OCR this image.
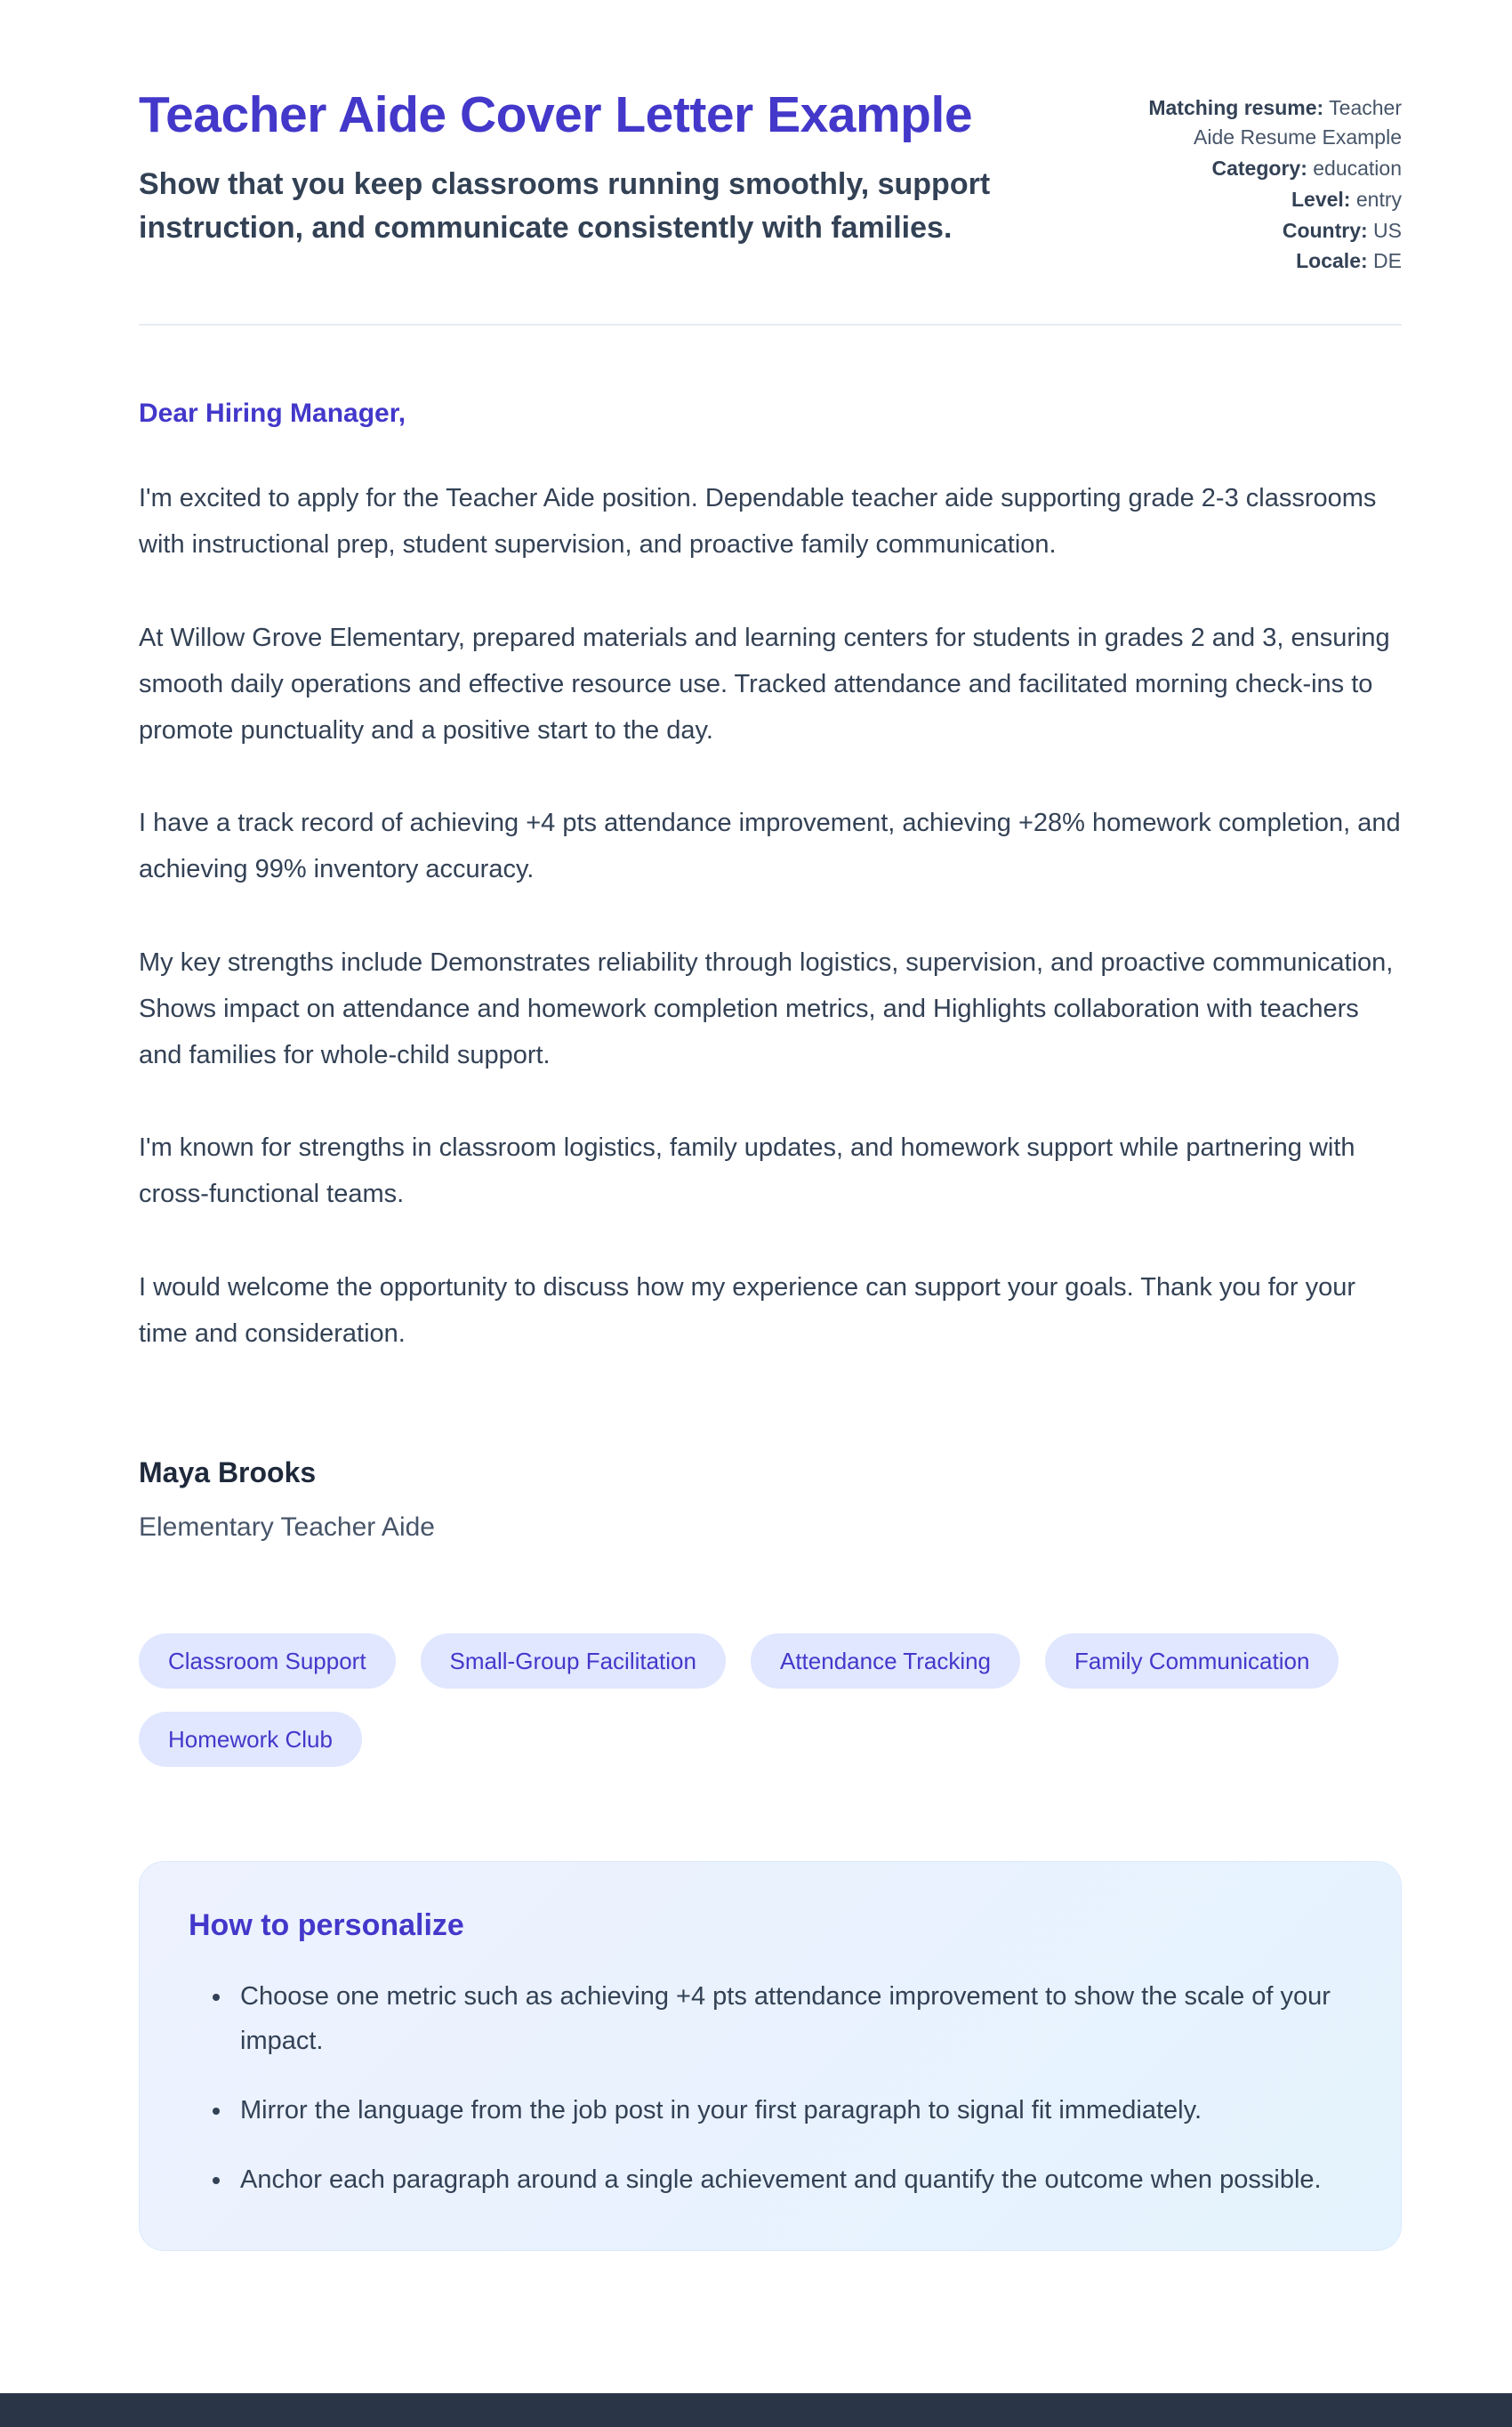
Teacher Aide Cover Letter Example

Show that you keep classrooms running smoothly, support instruction, and communicate consistently with families.

Matching resume: Teacher Aide Resume Example
Category: education
Level: entry
Country: US
Locale: DE

Dear Hiring Manager,

I'm excited to apply for the Teacher Aide position. Dependable teacher aide supporting grade 2-3 classrooms with instructional prep, student supervision, and proactive family communication.

At Willow Grove Elementary, prepared materials and learning centers for students in grades 2 and 3, ensuring smooth daily operations and effective resource use. Tracked attendance and facilitated morning check-ins to promote punctuality and a positive start to the day.

I have a track record of achieving +4 pts attendance improvement, achieving +28% homework completion, and achieving 99% inventory accuracy.

My key strengths include Demonstrates reliability through logistics, supervision, and proactive communication, Shows impact on attendance and homework completion metrics, and Highlights collaboration with teachers and families for whole-child support.

I'm known for strengths in classroom logistics, family updates, and homework support while partnering with cross-functional teams.

I would welcome the opportunity to discuss how my experience can support your goals. Thank you for your time and consideration.

Maya Brooks

Elementary Teacher Aide

Classroom Support	Small-Group Facilitation	Attendance Tracking	Family Communication
Homework Club
How to personalize
• Choose one metric such as achieving +4 pts attendance improvement to show the scale of your impact.
• Mirror the language from the job post in your first paragraph to signal fit immediately.
• Anchor each paragraph around a single achievement and quantify the outcome when possible.
